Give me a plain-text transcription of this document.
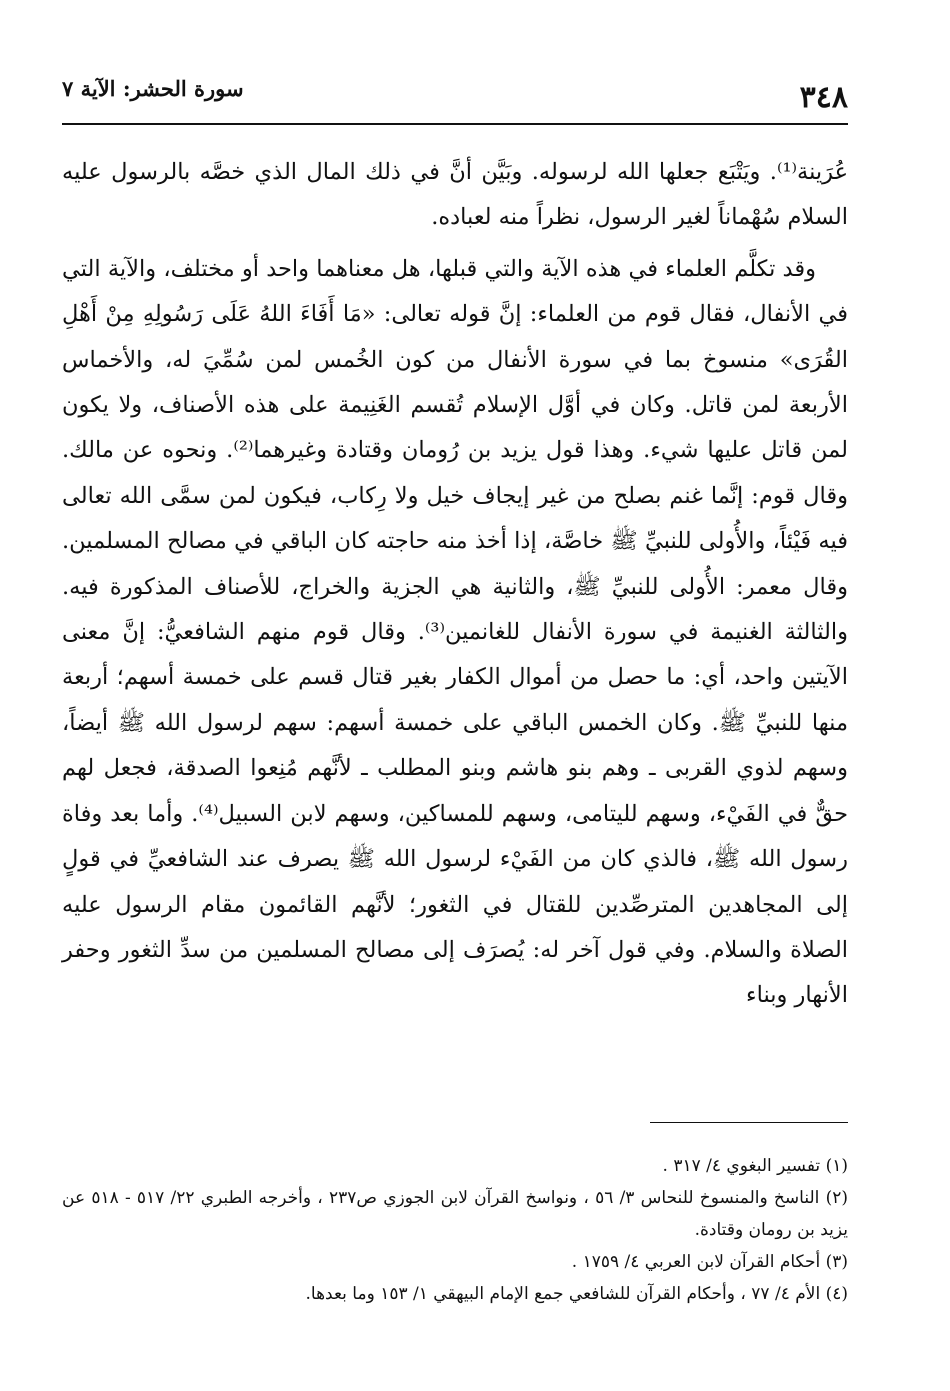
٣٤٨
سورة الحشر: الآية ٧

عُرَينة⁽¹⁾. ويَتْبَع جعلها الله لرسوله. وبَيَّن أنَّ في ذلك المال الذي خصَّه بالرسول عليه السلام سُهْماناً لغير الرسول، نظراً منه لعباده.

وقد تكلَّم العلماء في هذه الآية والتي قبلها، هل معناهما واحد أو مختلف، والآية التي في الأنفال، فقال قوم من العلماء: إنَّ قوله تعالى: «مَا أَفَاءَ اللهُ عَلَى رَسُولِهِ مِنْ أَهْلِ القُرَى» منسوخ بما في سورة الأنفال من كون الخُمس لمن سُمِّيَ له، والأخماس الأربعة لمن قاتل. وكان في أوَّل الإسلام تُقسم الغَنِيمة على هذه الأصناف، ولا يكون لمن قاتل عليها شيء. وهذا قول يزيد بن رُومان وقتادة وغيرهما⁽²⁾. ونحوه عن مالك. وقال قوم: إنَّما غنم بصلح من غير إيجاف خيل ولا رِكاب، فيكون لمن سمَّى الله تعالى فيه فَيْئاً، والأُولى للنبيِّ ﷺ خاصَّة، إذا أخذ منه حاجته كان الباقي في مصالح المسلمين. وقال معمر: الأُولى للنبيِّ ﷺ، والثانية هي الجزية والخراج، للأصناف المذكورة فيه. والثالثة الغنيمة في سورة الأنفال للغانمين⁽³⁾. وقال قوم منهم الشافعيُّ: إنَّ معنى الآيتين واحد، أي: ما حصل من أموال الكفار بغير قتال قسم على خمسة أسهم؛ أربعة منها للنبيِّ ﷺ. وكان الخمس الباقي على خمسة أسهم: سهم لرسول الله ﷺ أيضاً، وسهم لذوي القربى ـ وهم بنو هاشم وبنو المطلب ـ لأنَّهم مُنِعوا الصدقة، فجعل لهم حقٌّ في الفَيْء، وسهم لليتامى، وسهم للمساكين، وسهم لابن السبيل⁽⁴⁾. وأما بعد وفاة رسول الله ﷺ، فالذي كان من الفَيْء لرسول الله ﷺ يصرف عند الشافعيِّ في قولٍ إلى المجاهدين المترصِّدين للقتال في الثغور؛ لأنَّهم القائمون مقام الرسول عليه الصلاة والسلام. وفي قول آخر له: يُصرَف إلى مصالح المسلمين من سدِّ الثغور وحفر الأنهار وبناء

(١) تفسير البغوي ٤/ ٣١٧ .

(٢) الناسخ والمنسوخ للنحاس ٣/ ٥٦ ، ونواسخ القرآن لابن الجوزي ص٢٣٧ ، وأخرجه الطبري ٢٢/ ٥١٧ - ٥١٨ عن يزيد بن رومان وقتادة.

(٣) أحكام القرآن لابن العربي ٤/ ١٧٥٩ .

(٤) الأم ٤/ ٧٧ ، وأحكام القرآن للشافعي جمع الإمام البيهقي ١/ ١٥٣ وما بعدها.
